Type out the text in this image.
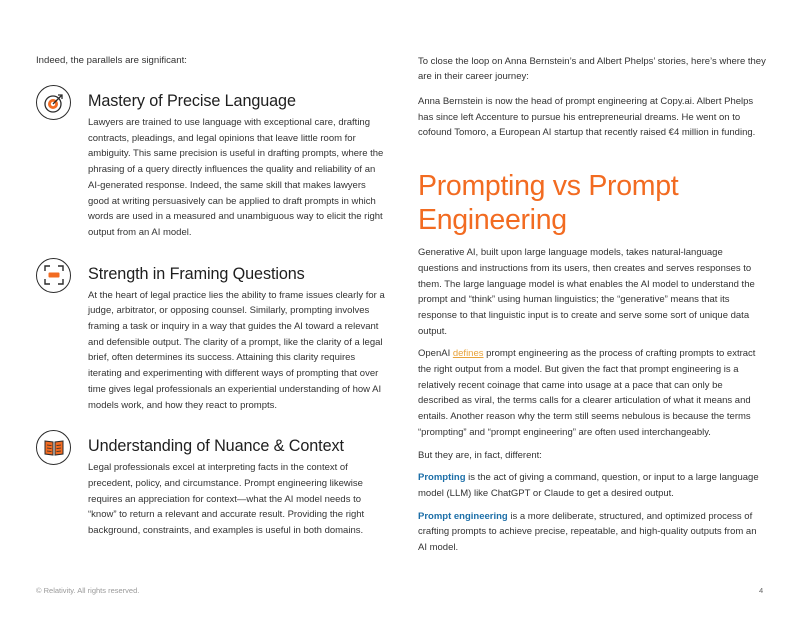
Indeed, the parallels are significant:

Mastery of Precise Language

Lawyers are trained to use language with exceptional care, drafting contracts, pleadings, and legal opinions that leave little room for ambiguity. This same precision is useful in drafting prompts, where the phrasing of a query directly influences the quality and reliability of an AI-generated response. Indeed, the same skill that makes lawyers good at writing persuasively can be applied to draft prompts in which words are used in a measured and unambiguous way to elicit the right output from an AI model.

Strength in Framing Questions

At the heart of legal practice lies the ability to frame issues clearly for a judge, arbitrator, or opposing counsel. Similarly, prompting involves framing a task or inquiry in a way that guides the AI toward a relevant and defensible output. The clarity of a prompt, like the clarity of a legal brief, often determines its success. Attaining this clarity requires iterating and experimenting with different ways of prompting that over time gives legal professionals an experiential understanding of how AI models work, and how they react to prompts.

Understanding of Nuance & Context

Legal professionals excel at interpreting facts in the context of precedent, policy, and circumstance. Prompt engineering likewise requires an appreciation for context—what the AI model needs to “know” to return a relevant and accurate result. Providing the right background, constraints, and examples is useful in both domains.

To close the loop on Anna Bernstein’s and Albert Phelps’ stories, here’s where they are in their career journey:

Anna Bernstein is now the head of prompt engineering at Copy.ai. Albert Phelps has since left Accenture to pursue his entrepreneurial dreams. He went on to cofound Tomoro, a European AI startup that recently raised €4 million in funding.

Prompting vs Prompt Engineering

Generative AI, built upon large language models, takes natural-language questions and instructions from its users, then creates and serves responses to them. The large language model is what enables the AI model to understand the prompt and “think” using human linguistics; the “generative” means that its response to that linguistic input is to create and serve some sort of unique data output.

OpenAI defines prompt engineering as the process of crafting prompts to extract the right output from a model. But given the fact that prompt engineering is a relatively recent coinage that came into usage at a pace that can only be described as viral, the terms calls for a clearer articulation of what it means and entails. Another reason why the term still seems nebulous is because the terms “prompting” and “prompt engineering” are often used interchangeably.

But they are, in fact, different:

Prompting is the act of giving a command, question, or input to a large language model (LLM) like ChatGPT or Claude to get a desired output.

Prompt engineering is a more deliberate, structured, and optimized process of crafting prompts to achieve precise, repeatable, and high-quality outputs from an AI model.

© Relativity. All rights reserved.	4
